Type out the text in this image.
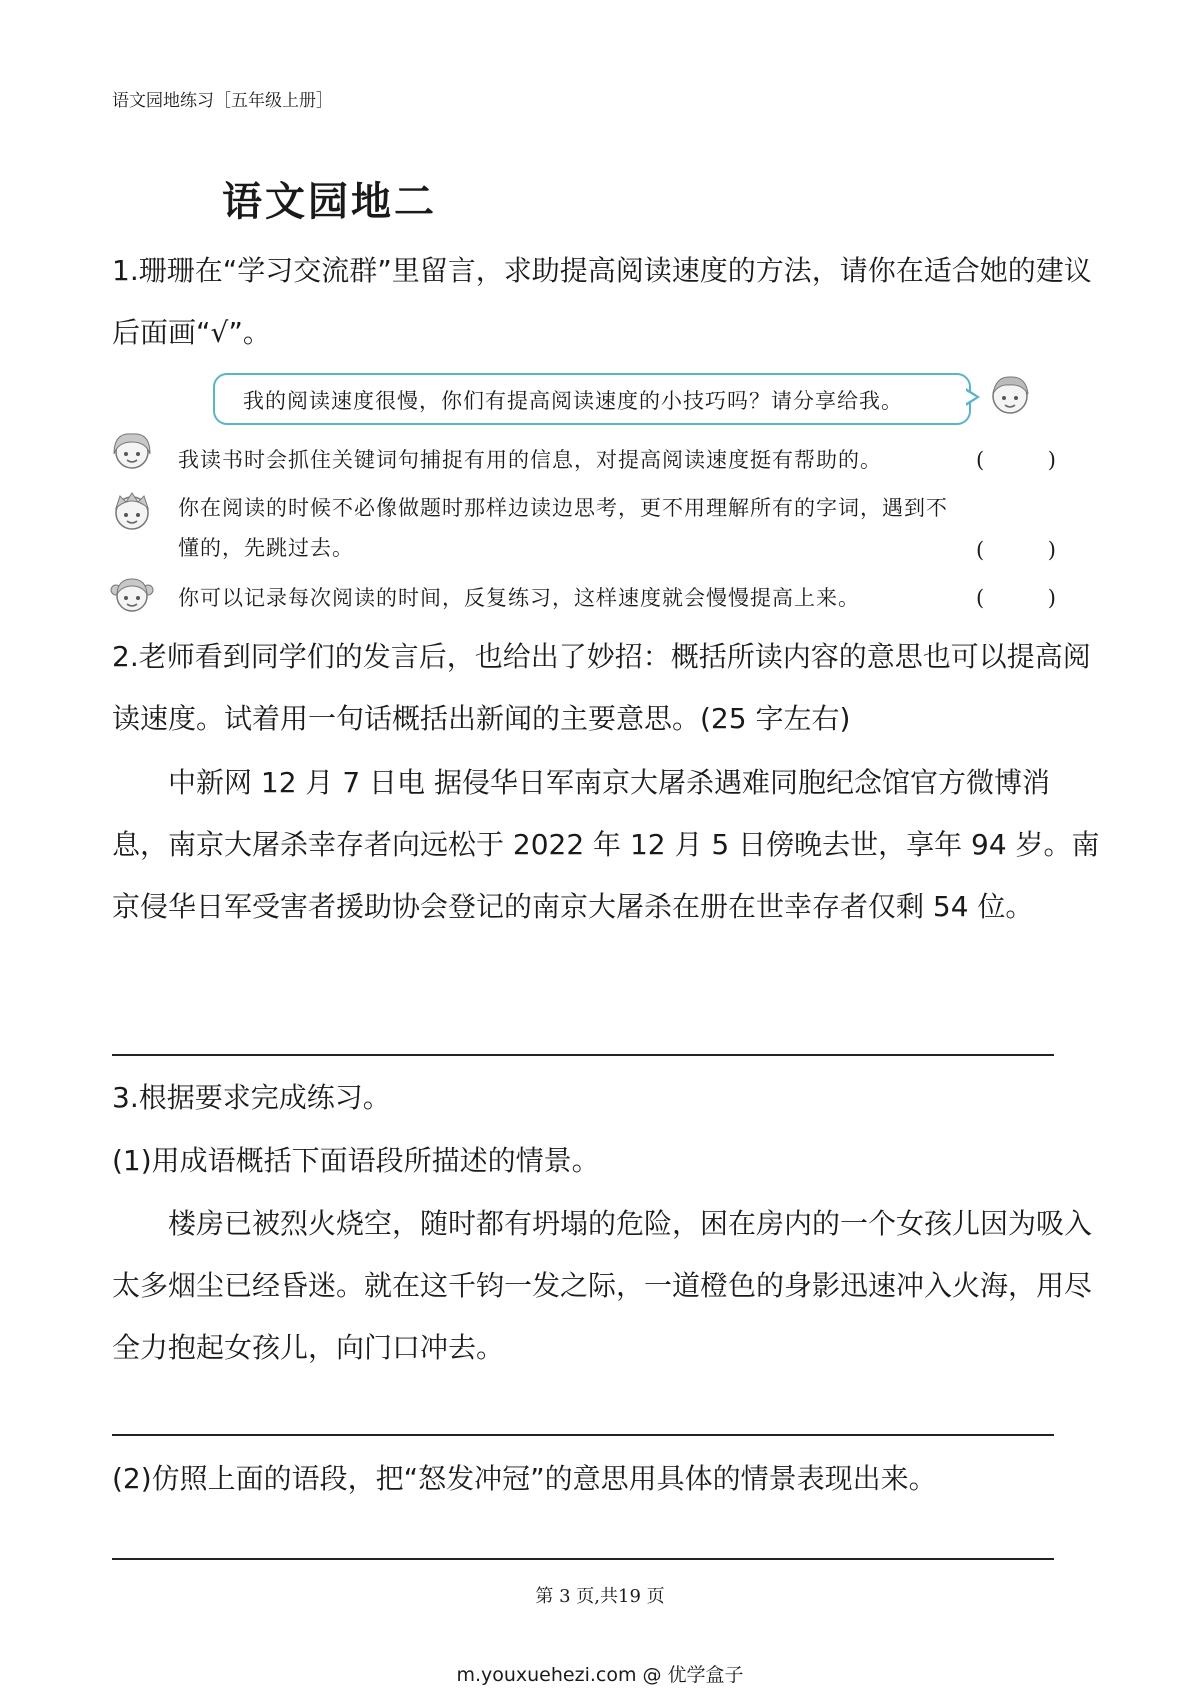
语文园地练习［五年级上册］
语文园地二
1.珊珊在“学习交流群”里留言，求助提高阅读速度的方法，请你在适合她的建议后面画“√”。
我的阅读速度很慢，你们有提高阅读速度的小技巧吗？请分享给我。
我读书时会抓住关键词句捕捉有用的信息，对提高阅读速度挺有帮助的。	(	)
你在阅读的时候不必像做题时那样边读边思考，更不用理解所有的字词，遇到不懂的，先跳过去。	(	)
你可以记录每次阅读的时间，反复练习，这样速度就会慢慢提高上来。	(	)
2.老师看到同学们的发言后，也给出了妙招：概括所读内容的意思也可以提高阅读速度。试着用一句话概括出新闻的主要意思。(25 字左右)
中新网 12 月 7 日电 据侵华日军南京大屠杀遇难同胞纪念馆官方微博消息，南京大屠杀幸存者向远松于 2022 年 12 月 5 日傍晚去世，享年 94 岁。南京侵华日军受害者援助协会登记的南京大屠杀在册在世幸存者仅剩 54 位。
3.根据要求完成练习。
(1)用成语概括下面语段所描述的情景。
楼房已被烈火烧空，随时都有坍塌的危险，困在房内的一个女孩儿因为吸入太多烟尘已经昏迷。就在这千钧一发之际，一道橙色的身影迅速冲入火海，用尽全力抱起女孩儿，向门口冲去。
(2)仿照上面的语段，把“怒发冲冠”的意思用具体的情景表现出来。
第 3 页,共19 页
m.youxuehezi.com @ 优学盒子
